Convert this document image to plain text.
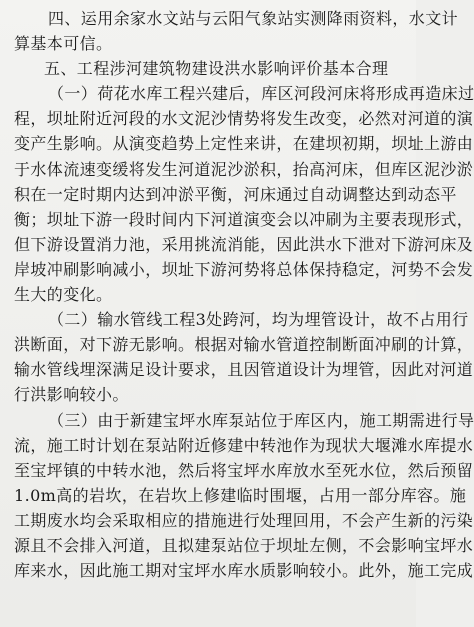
四、运用余家水文站与云阳气象站实测降雨资料，水文计
算基本可信。
五、工程涉河建筑物建设洪水影响评价基本合理
（一）荷花水库工程兴建后，库区河段河床将形成再造床过
程，坝址附近河段的水文泥沙情势将发生改变，必然对河道的演
变产生影响。从演变趋势上定性来讲，在建坝初期，坝址上游由
于水体流速变缓将发生河道泥沙淤积，抬高河床，但库区泥沙淤
积在一定时期内达到冲淤平衡，河床通过自动调整达到动态平
衡；坝址下游一段时间内下河道演变会以冲刷为主要表现形式，
但下游设置消力池，采用挑流消能，因此洪水下泄对下游河床及
岸坡冲刷影响减小，坝址下游河势将总体保持稳定，河势不会发
生大的变化。
（二）输水管线工程3处跨河，均为埋管设计，故不占用行
洪断面，对下游无影响。根据对输水管道控制断面冲刷的计算，
输水管线埋深满足设计要求，且因管道设计为埋管，因此对河道
行洪影响较小。
（三）由于新建宝坪水库泵站位于库区内，施工期需进行导
流，施工时计划在泵站附近修建中转池作为现状大堰滩水库提水
至宝坪镇的中转水池，然后将宝坪水库放水至死水位，然后预留
1.0m高的岩坎，在岩坎上修建临时围堰，占用一部分库容。施
工期废水均会采取相应的措施进行处理回用，不会产生新的污染
源且不会排入河道，且拟建泵站位于坝址左侧，不会影响宝坪水
库来水，因此施工期对宝坪水库水质影响较小。此外，施工完成
